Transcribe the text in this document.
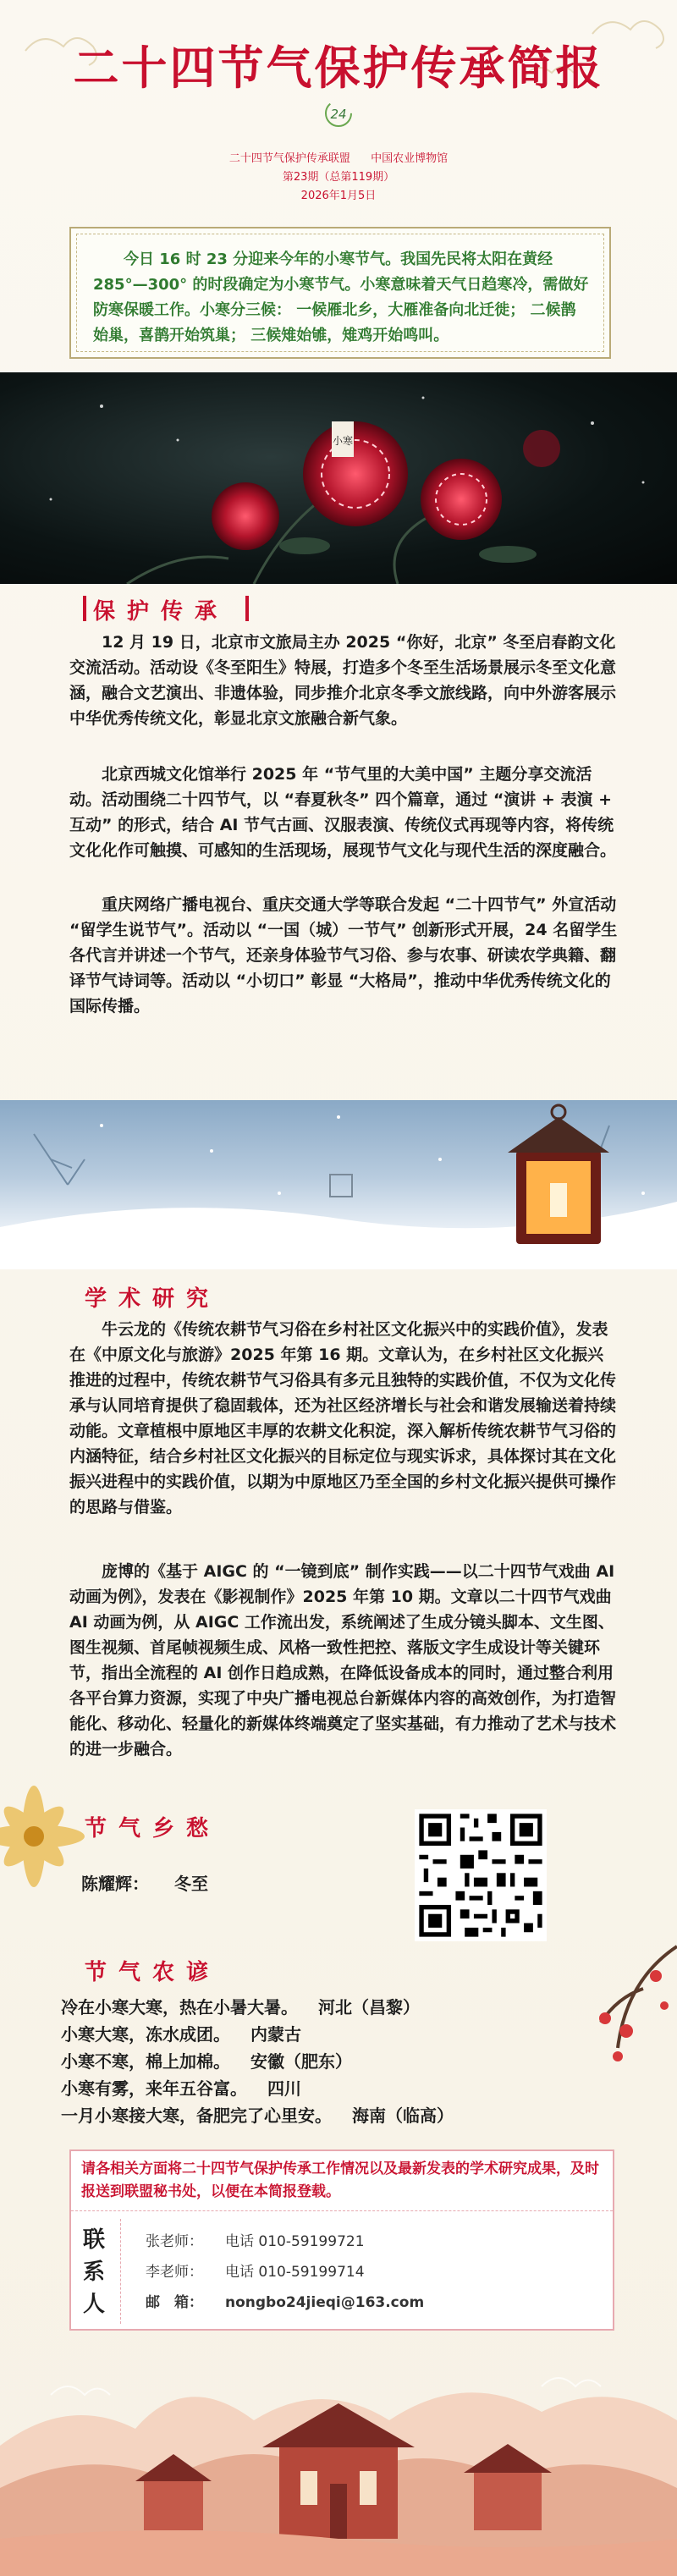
二十四节气保护传承简报
24
二十四节气保护传承联盟 中国农业博物馆
第23期（总第119期）
2026年1月5日
今日 16 时 23 分迎来今年的小寒节气。我国先民将太阳在黄经 285°—300° 的时段确定为小寒节气。小寒意味着天气日趋寒冷，需做好防寒保暖工作。小寒分三候： 一候雁北乡，大雁准备向北迁徙； 二候鹊始巢，喜鹊开始筑巢； 三候雉始雊，雉鸡开始鸣叫。
小寒
保护传承
12 月 19 日，北京市文旅局主办 2025 “你好，北京” 冬至启春韵文化交流活动。活动设《冬至阳生》特展，打造多个冬至生活场景展示冬至文化意涵，融合文艺演出、非遗体验，同步推介北京冬季文旅线路，向中外游客展示中华优秀传统文化，彰显北京文旅融合新气象。
北京西城文化馆举行 2025 年 “节气里的大美中国” 主题分享交流活动。活动围绕二十四节气，以 “春夏秋冬” 四个篇章，通过 “演讲 + 表演 + 互动” 的形式，结合 AI 节气古画、汉服表演、传统仪式再现等内容，将传统文化化作可触摸、可感知的生活现场，展现节气文化与现代生活的深度融合。
重庆网络广播电视台、重庆交通大学等联合发起 “二十四节气” 外宣活动 “留学生说节气”。活动以 “一国（城）一节气” 创新形式开展，24 名留学生各代言并讲述一个节气，还亲身体验节气习俗、参与农事、研读农学典籍、翻译节气诗词等。活动以 “小切口” 彰显 “大格局”，推动中华优秀传统文化的国际传播。
学术研究
牛云龙的《传统农耕节气习俗在乡村社区文化振兴中的实践价值》，发表在《中原文化与旅游》2025 年第 16 期。文章认为，在乡村社区文化振兴推进的过程中，传统农耕节气习俗具有多元且独特的实践价值，不仅为文化传承与认同培育提供了稳固载体，还为社区经济增长与社会和谐发展输送着持续动能。文章植根中原地区丰厚的农耕文化积淀，深入解析传统农耕节气习俗的内涵特征，结合乡村社区文化振兴的目标定位与现实诉求，具体探讨其在文化振兴进程中的实践价值，以期为中原地区乃至全国的乡村文化振兴提供可操作的思路与借鉴。
庞博的《基于 AIGC 的 “一镜到底” 制作实践——以二十四节气戏曲 AI 动画为例》，发表在《影视制作》2025 年第 10 期。文章以二十四节气戏曲 AI 动画为例，从 AIGC 工作流出发，系统阐述了生成分镜头脚本、文生图、图生视频、首尾帧视频生成、风格一致性把控、落版文字生成设计等关键环节，指出全流程的 AI 创作日趋成熟，在降低设备成本的同时，通过整合利用各平台算力资源，实现了中央广播电视总台新媒体内容的高效创作，为打造智能化、移动化、轻量化的新媒体终端奠定了坚实基础，有力推动了艺术与技术的进一步融合。
节气乡愁
陈耀辉： 冬至
节气农谚
冷在小寒大寒，热在小暑大暑。 河北（昌黎）
小寒大寒，冻水成团。 内蒙古
小寒不寒，棉上加棉。 安徽（肥东）
小寒有雾，来年五谷富。 四川
一月小寒接大寒，备肥完了心里安。 海南（临高）
请各相关方面将二十四节气保护传承工作情况以及最新发表的学术研究成果，及时报送到联盟秘书处，以便在本简报登载。
联系人
张老师： 电话 010-59199721
李老师： 电话 010-59199714
邮　箱： nongbo24jieqi@163.com
